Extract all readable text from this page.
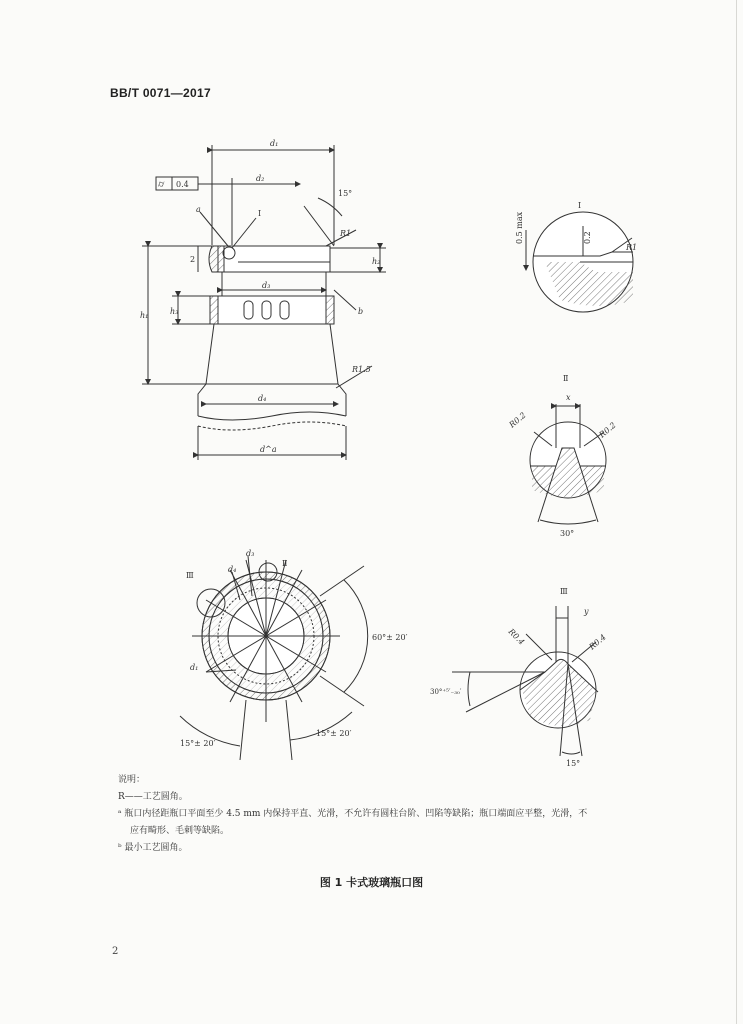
BB/T 0071—2017
d₁
d₂
d₃
d₄
d^a
h₁	h₃
h₂
2
15°
R1
R1.5
0.4
a
b
I
⌭
I
0.5 max	0.2
R1
Ⅱ
x
R0.2
R0.2
30°
Ⅲ
Ⅱ
d₁
d₄
d₃
60°± 20′
15°± 20′
15°± 20′
Ⅲ
y
R0.4	R0.4
30°⁺⁵′₋₃₀′
15°
说明：
R——工艺圆角。
ᵃ 瓶口内径距瓶口平面至少 4.5 mm 内保持平直、光滑，不允许有圆柱台阶、凹陷等缺陷；瓶口端面应平整，光滑，不
应有畸形、毛刺等缺陷。
ᵇ 最小工艺圆角。
图 1 卡式玻璃瓶口图
2
